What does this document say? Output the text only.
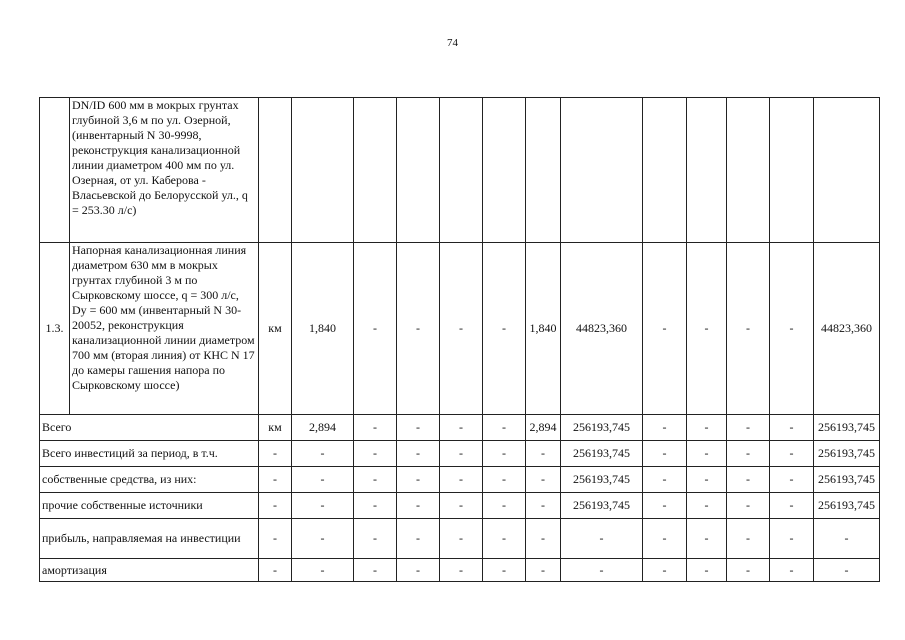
74
	DN/ID 600 мм в мокрых грунтах глубиной 3,6 м по ул. Озерной, (инвентарный N 30-9998, реконструкция канализационной линии диаметром 400 мм по ул. Озерная, от ул. Каберова - Власьевской до Белорусской ул., q = 253.30 л/с)													
1.3.	Напорная канализационная линия диаметром 630 мм в мокрых грунтах глубиной 3 м по Сырковскому шоссе, q = 300 л/с, Dy = 600 мм (инвентарный N 30-20052, реконструкция канализационной линии диаметром 700 мм (вторая линия) от КНС N 17 до камеры гашения напора по Сырковскому шоссе)	км	1,840	-	-	-	-	1,840	44823,360	-	-	-	-	44823,360
Всего		км	2,894	-	-	-	-	2,894	256193,745	-	-	-	-	256193,745
Всего инвестиций за период, в т.ч.		-	-	-	-	-	-	-	256193,745	-	-	-	-	256193,745
собственные средства, из них:		-	-	-	-	-	-	-	256193,745	-	-	-	-	256193,745
прочие собственные источники		-	-	-	-	-	-	-	256193,745	-	-	-	-	256193,745
прибыль, направляемая на инвестиции		-	-	-	-	-	-	-	-	-	-	-	-	-
амортизация		-	-	-	-	-	-	-	-	-	-	-	-	-
